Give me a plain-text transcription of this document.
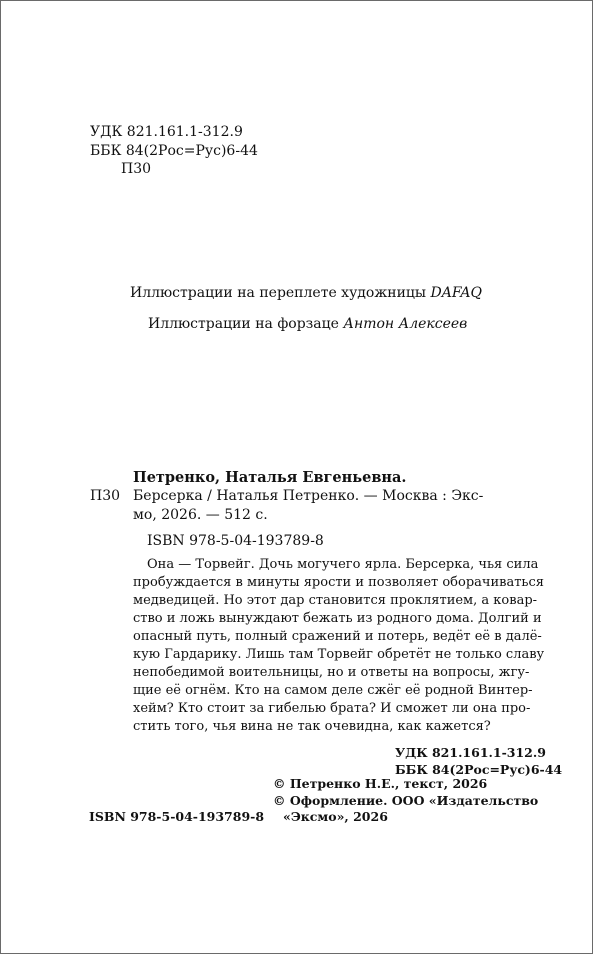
УДК 821.161.1-312.9
ББК 84(2Рос=Рус)6-44
П30
Иллюстрации на переплете художницы DAFAQ
Иллюстрации на форзаце Антон Алексеев
Петренко, Наталья Евгеньевна.
П30 Берсерка / Наталья Петренко. — Москва : Экс-
мо, 2026. — 512 с.
ISBN 978-5-04-193789-8
Она — Торвейг. Дочь могучего ярла. Берсерка, чья сила
пробуждается в минуты ярости и позволяет оборачиваться
медведицей. Но этот дар становится проклятием, а ковар-
ство и ложь вынуждают бежать из родного дома. Долгий и
опасный путь, полный сражений и потерь, ведёт её в далё-
кую Гардарику. Лишь там Торвейг обретёт не только славу
непобедимой воительницы, но и ответы на вопросы, жгу-
щие её огнём. Кто на самом деле сжёг её родной Винтер-
хейм? Кто стоит за гибелью брата? И сможет ли она про-
стить того, чья вина не так очевидна, как кажется?
УДК 821.161.1-312.9
ББК 84(2Рос=Рус)6-44
© Петренко Н.Е., текст, 2026
© Оформление. ООО «Издательство
ISBN 978-5-04-193789-8 «Эксмо», 2026
